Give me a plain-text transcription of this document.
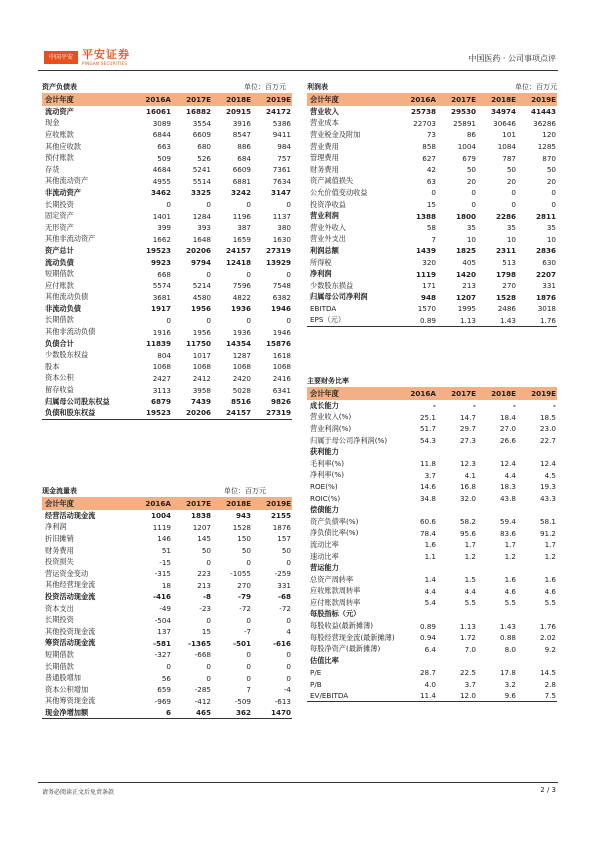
中国平安 平安证券
PINGAN SECURITIES	中国医药 · 公司事项点评
资产负债表	单位：百万元
会计年度	2016A	2017E	2018E	2019E
流动资产	16061	16882	20915	24172
现金	3089	3554	3916	5386
应收账款	6844	6609	8547	9411
其他应收款	663	680	886	984
预付账款	509	526	684	757
存货	4684	5241	6609	7361
其他流动资产	4955	5514	6881	7634
非流动资产	3462	3325	3242	3147
长期投资	0	0	0	0
固定资产	1401	1284	1196	1137
无形资产	399	393	387	380
其他非流动资产	1662	1648	1659	1630
资产总计	19523	20206	24157	27319
流动负债	9923	9794	12418	13929
短期借款	668	0	0	0
应付账款	5574	5214	7596	7548
其他流动负债	3681	4580	4822	6382
非流动负债	1917	1956	1936	1946
长期借款	0	0	0	0
其他非流动负债	1916	1956	1936	1946
负债合计	11839	11750	14354	15876
少数股东权益	804	1017	1287	1618
股本	1068	1068	1068	1068
资本公积	2427	2412	2420	2416
留存收益	3113	3958	5028	6341
归属母公司股东权益	6879	7439	8516	9826
负债和股东权益	19523	20206	24157	27319
现金流量表	单位：百万元
会计年度	2016A	2017E	2018E	2019E
经营活动现金流	1004	1838	943	2155
净利润	1119	1207	1528	1876
折旧摊销	146	145	150	157
财务费用	51	50	50	50
投资损失	-15	0	0	0
营运资金变动	-315	223	-1055	-259
其他经营现金流	18	213	270	331
投资活动现金流	-416	-8	-79	-68
资本支出	-49	-23	-72	-72
长期投资	-504	0	0	0
其他投资现金流	137	15	-7	4
筹资活动现金流	-581	-1365	-501	-616
短期借款	-327	-668	0	0
长期借款	0	0	0	0
普通股增加	56	0	0	0
资本公积增加	659	-285	7	-4
其他筹资现金流	-969	-412	-509	-613
现金净增加额	6	465	362	1470
利润表	单位：百万元
会计年度	2016A	2017E	2018E	2019E
营业收入	25738	29530	34974	41443
营业成本	22703	25891	30646	36286
营业税金及附加	73	86	101	120
营业费用	858	1004	1084	1285
管理费用	627	679	787	870
财务费用	42	50	50	50
资产减值损失	63	20	20	20
公允价值变动收益	0	0	0	0
投资净收益	15	0	0	0
营业利润	1388	1800	2286	2811
营业外收入	58	35	35	35
营业外支出	7	10	10	10
利润总额	1439	1825	2311	2836
所得税	320	405	513	630
净利润	1119	1420	1798	2207
少数股东损益	171	213	270	331
归属母公司净利润	948	1207	1528	1876
EBITDA	1570	1995	2486	3018
EPS（元）	0.89	1.13	1.43	1.76
主要财务比率
会计年度	2016A	2017E	2018E	2019E
成长能力	-	-	-	-
营业收入(%)	25.1	14.7	18.4	18.5
营业利润(%)	51.7	29.7	27.0	23.0
归属于母公司净利润(%)	54.3	27.3	26.6	22.7
获利能力				
毛利率(%)	11.8	12.3	12.4	12.4
净利率(%)	3.7	4.1	4.4	4.5
ROE(%)	14.6	16.8	18.3	19.3
ROIC(%)	34.8	32.0	43.8	43.3
偿债能力				
资产负债率(%)	60.6	58.2	59.4	58.1
净负债比率(%)	78.4	95.6	83.6	91.2
流动比率	1.6	1.7	1.7	1.7
速动比率	1.1	1.2	1.2	1.2
营运能力				
总资产周转率	1.4	1.5	1.6	1.6
应收账款周转率	4.4	4.4	4.6	4.6
应付账款周转率	5.4	5.5	5.5	5.5
每股指标（元）				
每股收益(最新摊薄)	0.89	1.13	1.43	1.76
每股经营现金流(最新摊薄)	0.94	1.72	0.88	2.02
每股净资产(最新摊薄)	6.4	7.0	8.0	9.2
估值比率				
P/E	28.7	22.5	17.8	14.5
P/B	4.0	3.7	3.2	2.8
EV/EBITDA	11.4	12.0	9.6	7.5
请务必阅读正文后免责条款	2 / 3
